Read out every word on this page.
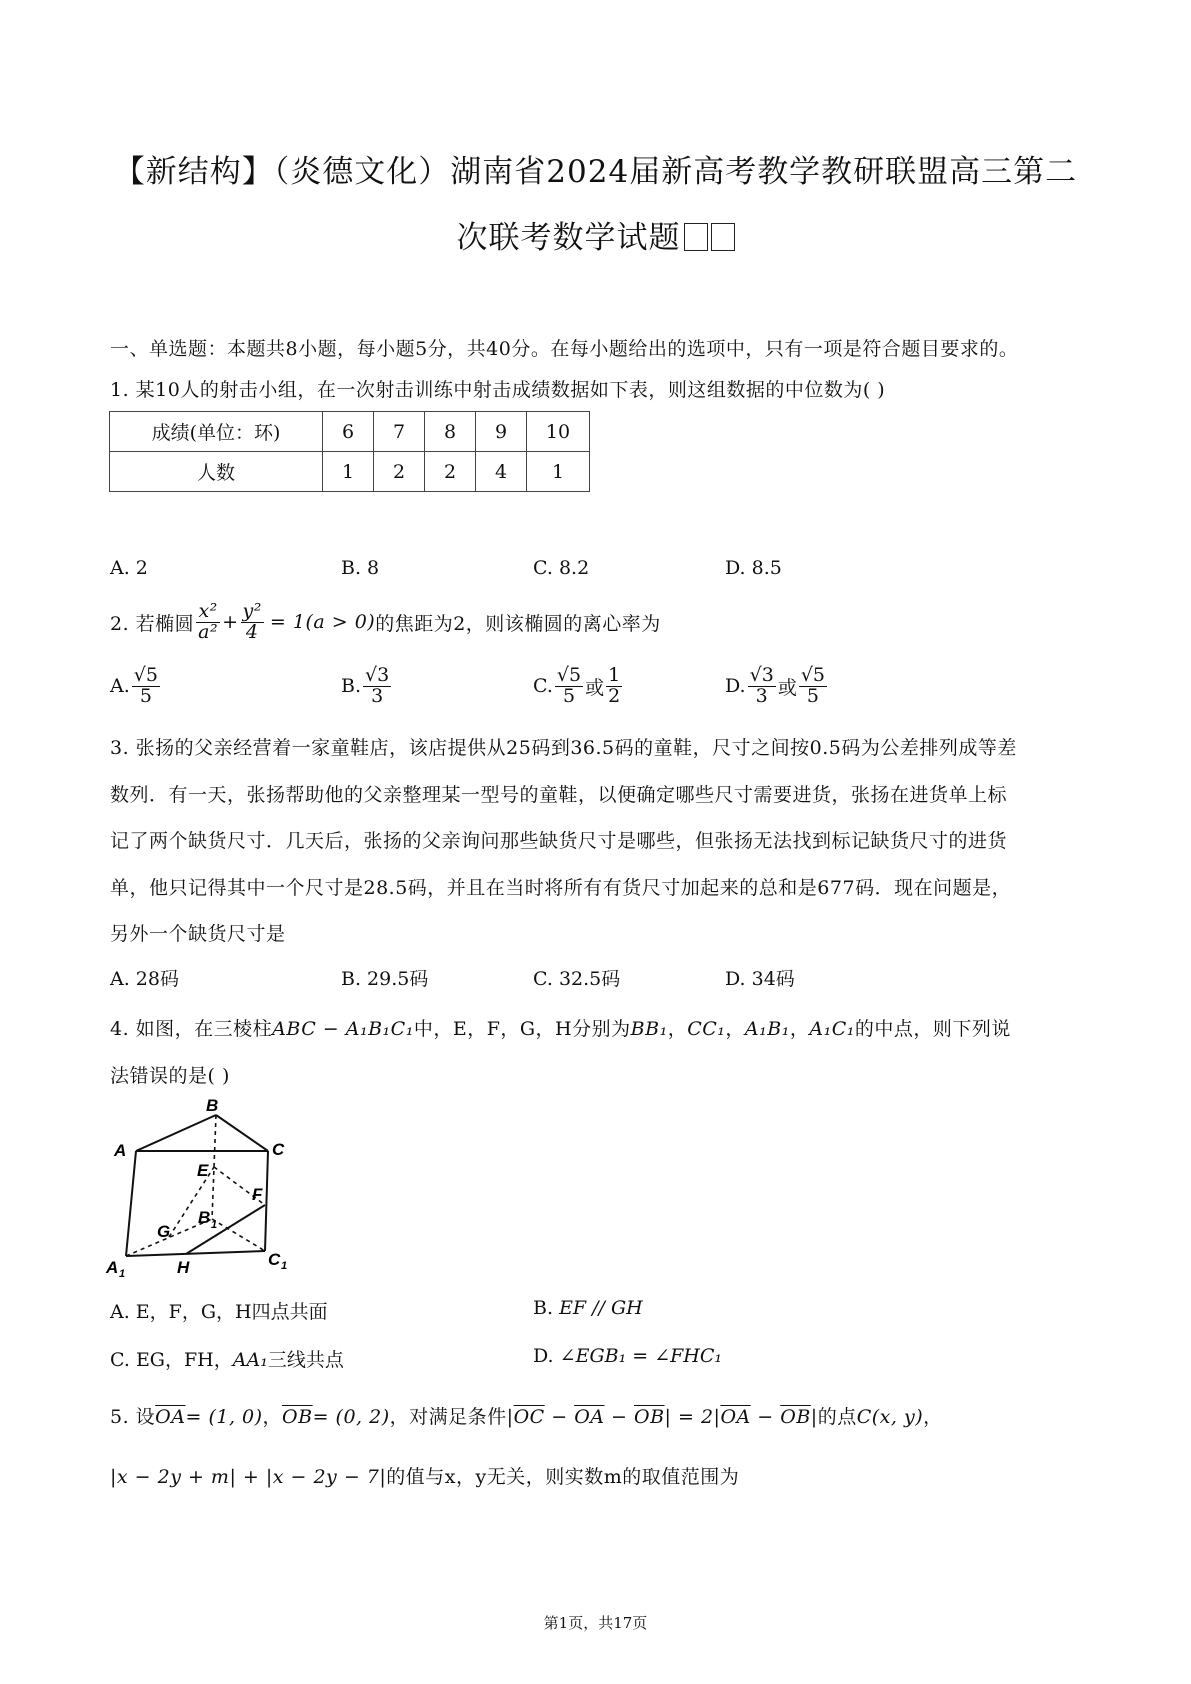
【新结构】（炎德文化）湖南省2024届新高考教学教研联盟高三第二
次联考数学试题
一、单选题：本题共8小题，每小题5分，共40分。在每小题给出的选项中，只有一项是符合题目要求的。
1. 某10人的射击小组，在一次射击训练中射击成绩数据如下表，则这组数据的中位数为( )
成绩(单位：环)	6	7	8	9	10
人数	1	2	2	4	1
A. 2	B. 8	C. 8.2	D. 8.5
2. 若椭圆 $\frac{\text{x²}}{\text{a²}} + \frac{\text{y²}}{4} = 1(a > 0)$ 的焦距为2，则该椭圆的离心率为
A. $\frac{√5}{5}$	B. $\frac{√3}{3}$	C. $\frac{√5}{5}$ 或 $\frac{1}{2}$	D. $\frac{√3}{3}$ 或 $\frac{√5}{5}$
3. 张扬的父亲经营着一家童鞋店，该店提供从25码到36.5码的童鞋，尺寸之间按0.5码为公差排列成等差
数列．有一天，张扬帮助他的父亲整理某一型号的童鞋，以便确定哪些尺寸需要进货，张扬在进货单上标
记了两个缺货尺寸．几天后，张扬的父亲询问那些缺货尺寸是哪些，但张扬无法找到标记缺货尺寸的进货
单，他只记得其中一个尺寸是28.5码，并且在当时将所有有货尺寸加起来的总和是677码．现在问题是，
另外一个缺货尺寸是
A. 28码	B. 29.5码	C. 32.5码	D. 34码
4. 如图，在三棱柱ABC − A₁B₁C₁中，E，F，G，H分别为BB₁，CC₁，A₁B₁，A₁C₁的中点，则下列说
法错误的是( )
B
A	C
E
F
G
B 1
H
A 1
C 1
A. E，F，G，H四点共面	B. EF // GH
C. EG，FH，AA₁三线共点	D. ∠EGB₁ = ∠FHC₁
5. 设$\overline{OA}= (1$, 0)，$\overline{OB}= (0$, 2)，对满足条件$|\overline{OC} - \overline{OA} - \overline{OB}| = 2|\overline{OA} - \overline{OB}|$的点C(x, y)，
|x − 2y + m| + |x − 2y − 7|的值与x，y无关，则实数m的取值范围为
第1页，共17页
